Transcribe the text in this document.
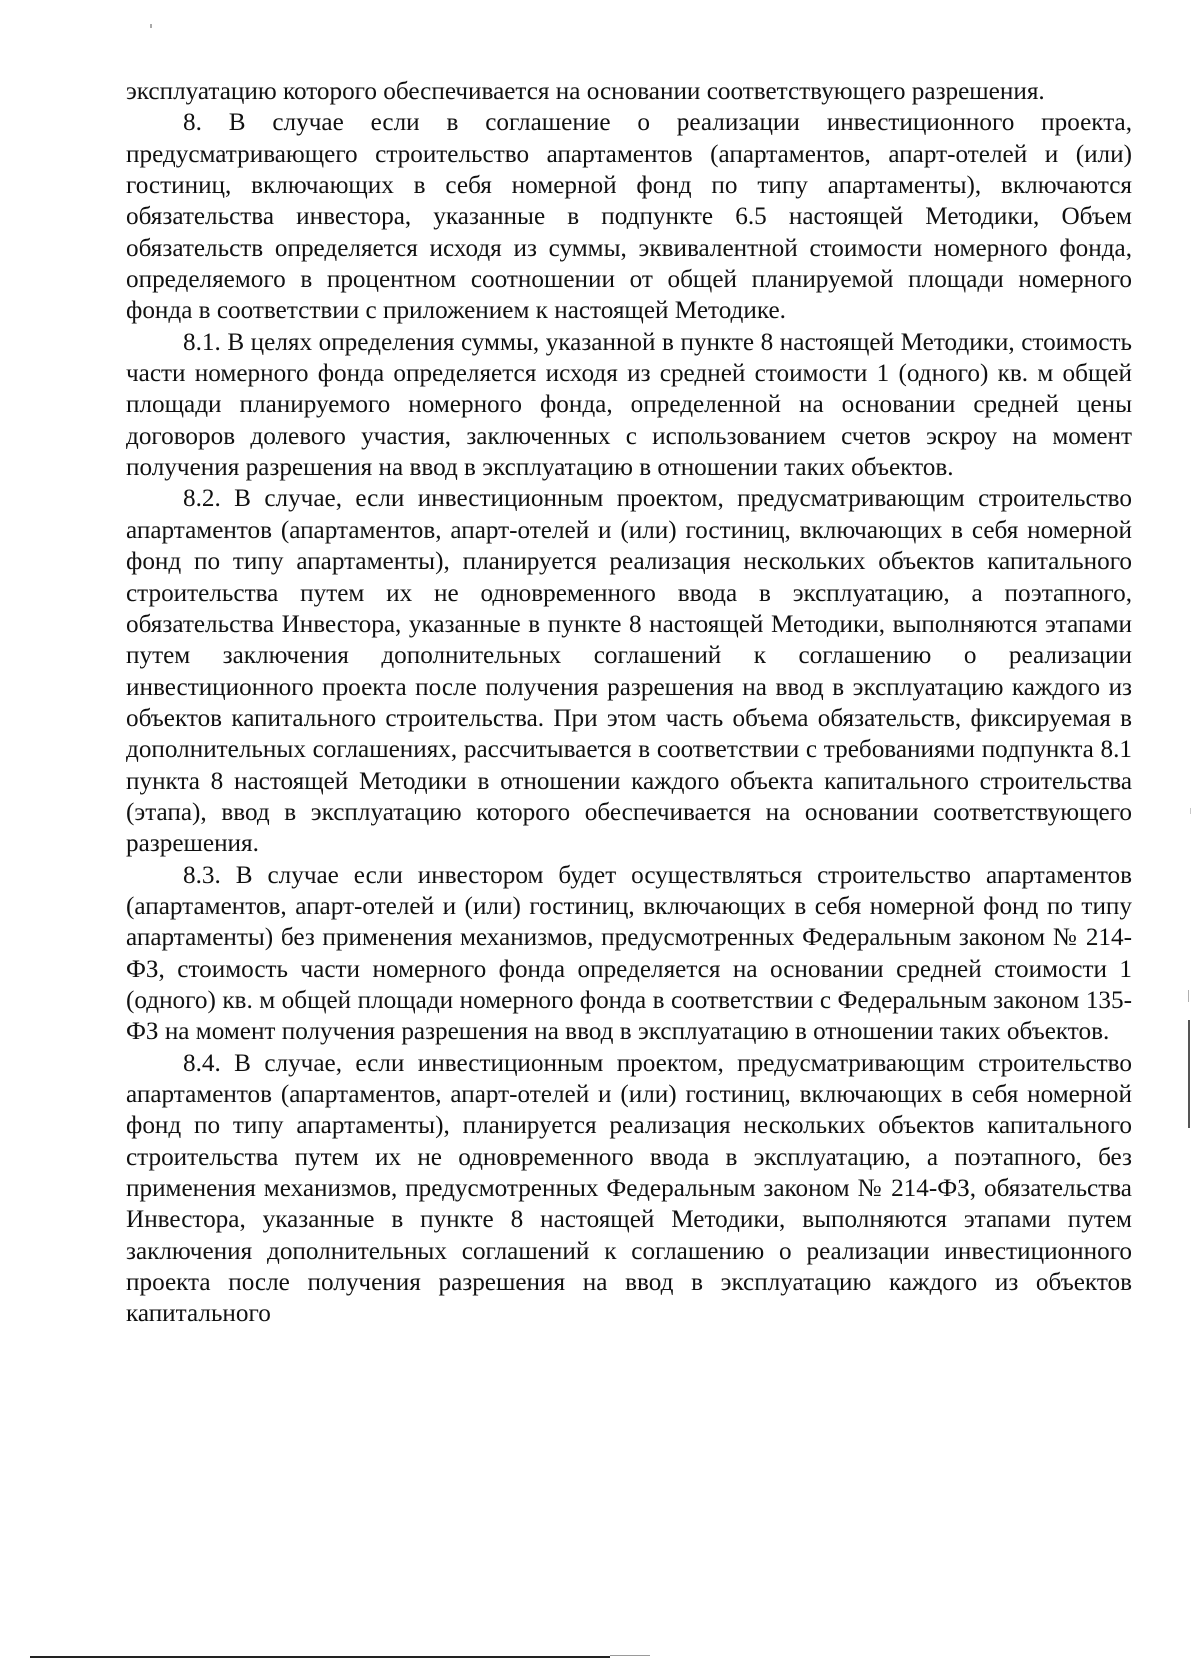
эксплуатацию которого обеспечивается на основании соответствующего разрешения.

8. В случае если в соглашение о реализации инвестиционного проекта, предусматривающего строительство апартаментов (апартаментов, апарт-отелей и (или) гостиниц, включающих в себя номерной фонд по типу апартаменты), включаются обязательства инвестора, указанные в подпункте 6.5 настоящей Методики, Объем обязательств определяется исходя из суммы, эквивалентной стоимости номерного фонда, определяемого в процентном соотношении от общей планируемой площади номерного фонда в соответствии с приложением к настоящей Методике.

8.1. В целях определения суммы, указанной в пункте 8 настоящей Методики, стоимость части номерного фонда определяется исходя из средней стоимости 1 (одного) кв. м общей площади планируемого номерного фонда, определенной на основании средней цены договоров долевого участия, заключенных с использованием счетов эскроу на момент получения разрешения на ввод в эксплуатацию в отношении таких объектов.

8.2. В случае, если инвестиционным проектом, предусматривающим строительство апартаментов (апартаментов, апарт-отелей и (или) гостиниц, включающих в себя номерной фонд по типу апартаменты), планируется реализация нескольких объектов капитального строительства путем их не одновременного ввода в эксплуатацию, а поэтапного, обязательства Инвестора, указанные в пункте 8 настоящей Методики, выполняются этапами путем заключения дополнительных соглашений к соглашению о реализации инвестиционного проекта после получения разрешения на ввод в эксплуатацию каждого из объектов капитального строительства. При этом часть объема обязательств, фиксируемая в дополнительных соглашениях, рассчитывается в соответствии с требованиями подпункта 8.1 пункта 8 настоящей Методики в отношении каждого объекта капитального строительства (этапа), ввод в эксплуатацию которого обеспечивается на основании соответствующего разрешения.

8.3. В случае если инвестором будет осуществляться строительство апартаментов (апартаментов, апарт-отелей и (или) гостиниц, включающих в себя номерной фонд по типу апартаменты) без применения механизмов, предусмотренных Федеральным законом № 214-ФЗ, стоимость части номерного фонда определяется на основании средней стоимости 1 (одного) кв. м общей площади номерного фонда в соответствии с Федеральным законом 135-ФЗ на момент получения разрешения на ввод в эксплуатацию в отношении таких объектов.

8.4. В случае, если инвестиционным проектом, предусматривающим строительство апартаментов (апартаментов, апарт-отелей и (или) гостиниц, включающих в себя номерной фонд по типу апартаменты), планируется реализация нескольких объектов капитального строительства путем их не одновременного ввода в эксплуатацию, а поэтапного, без применения механизмов, предусмотренных Федеральным законом № 214-ФЗ, обязательства Инвестора, указанные в пункте 8 настоящей Методики, выполняются этапами путем заключения дополнительных соглашений к соглашению о реализации инвестиционного проекта после получения разрешения на ввод в эксплуатацию каждого из объектов капитального
